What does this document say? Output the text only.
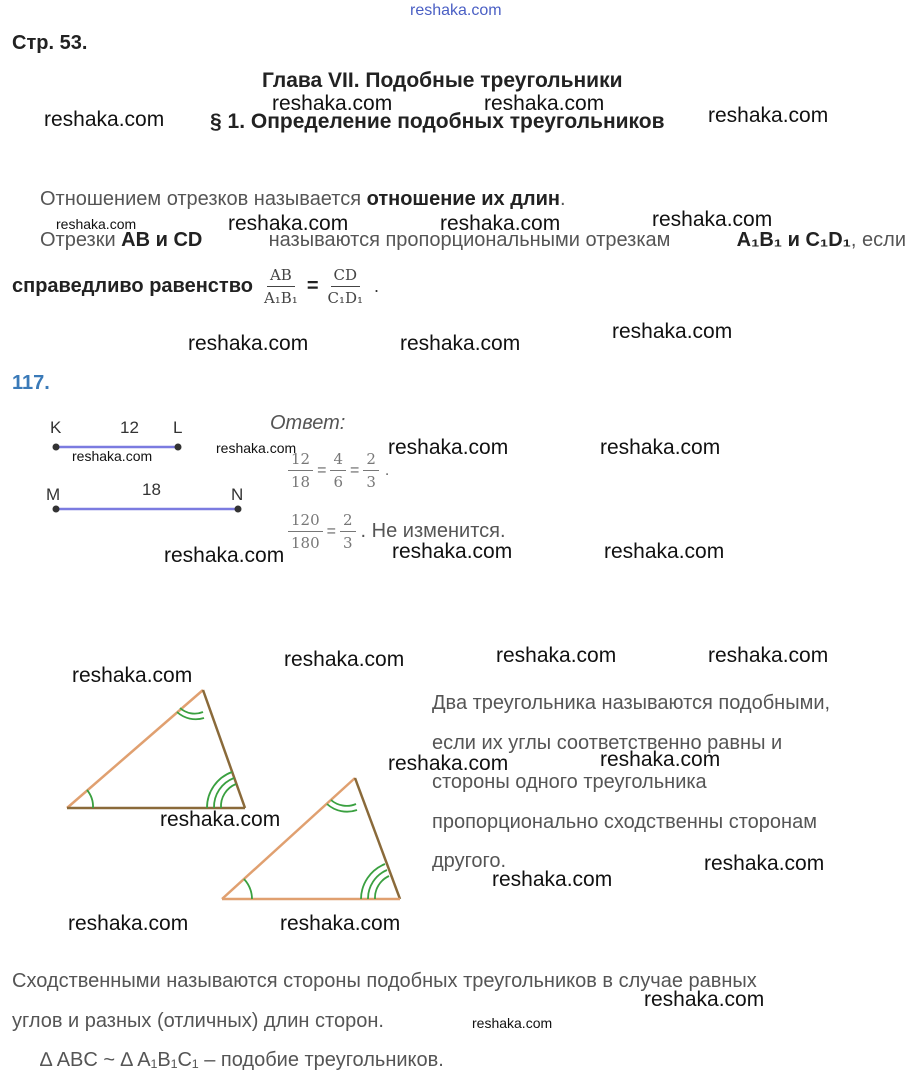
reshaka.com
Стр. 53.
Глава VII. Подобные треугольники
§ 1. Определение подобных треугольников
Отношением отрезков называется отношение их длин.
Отрезки AB и CD	называются пропорциональными отрезкам	A₁B₁ и C₁D₁, если
справедливо равенство $\frac{AB}{\text{A₁B₁}} = \frac{CD}{\text{C₁D₁}}$ .
117.
K	12 L
M	18	N
Ответ:
$\frac{12}{18} = \frac{4}{6} = \frac{2}{3}$ .
$\frac{120}{180} = \frac{2}{3}$ . Не изменится.
Два треугольника называются подобными,
если их углы соответственно равны и
стороны одного треугольника
пропорционально сходственны сторонам
другого.
Сходственными называются стороны подобных треугольников в случае равных
углов и разных (отличных) длин сторон.
∆ ABC ~ ∆ A₁B₁C₁ – подобие треугольников.
reshaka.com	reshaka.com
reshaka.com	reshaka.com
reshaka.com	reshaka.com	reshaka.com	reshaka.com
reshaka.com
reshaka.com	reshaka.com
reshaka.com
reshaka.com	reshaka.com	reshaka.com
reshaka.com	reshaka.com
reshaka.com
reshaka.com	reshaka.com	reshaka.com
reshaka.com
reshaka.com	reshaka.com
reshaka.com
reshaka.com
reshaka.com
reshaka.com	reshaka.com
reshaka.com
reshaka.com
